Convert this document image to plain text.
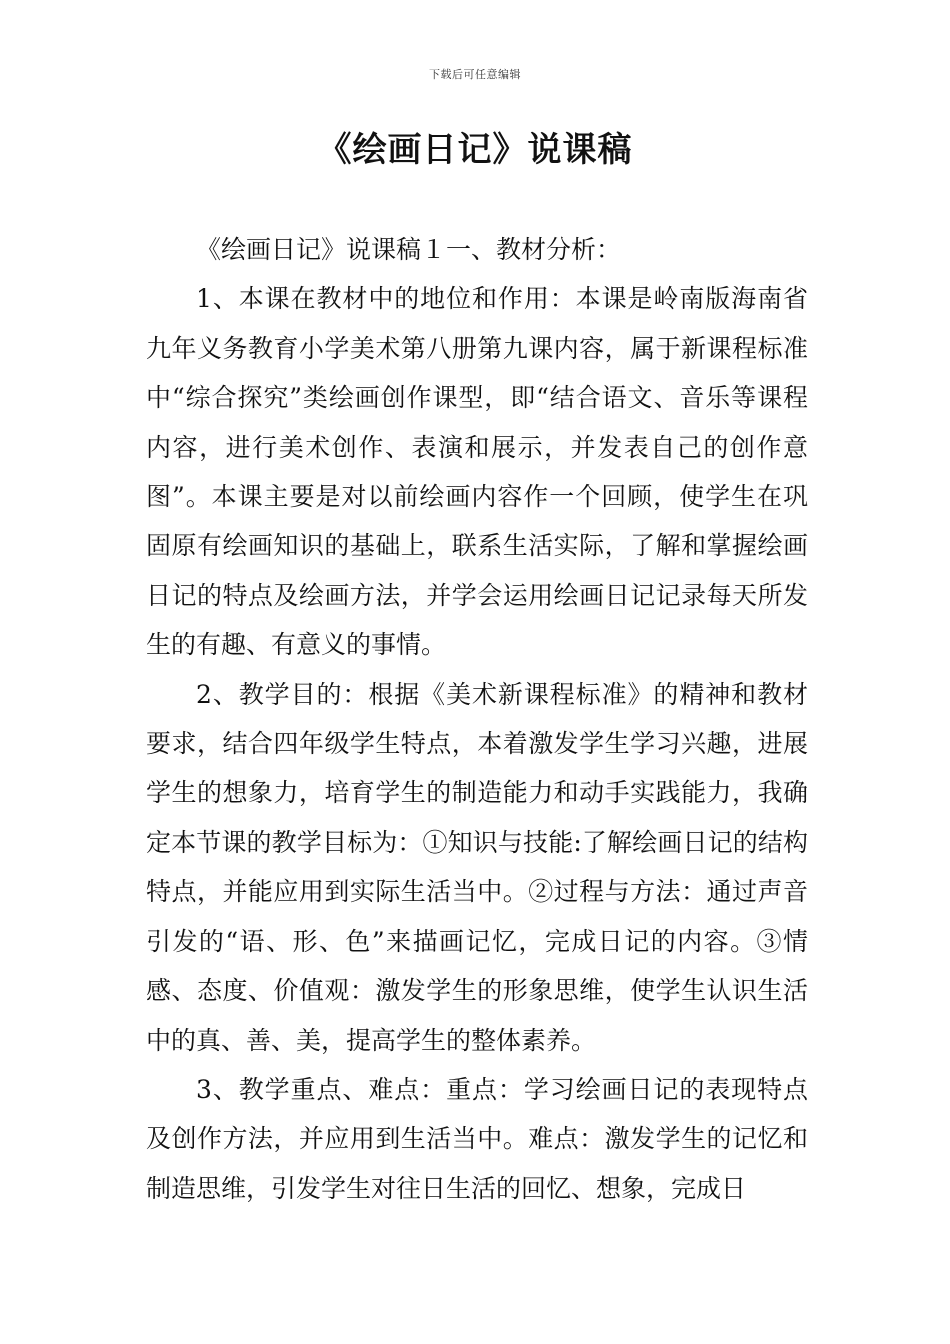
下载后可任意编辑
《绘画日记》说课稿

《绘画日记》说课稿１一、教材分析：

1、本课在教材中的地位和作用：本课是岭南版海南省九年义务教育小学美术第八册第九课内容，属于新课程标准中“综合探究”类绘画创作课型，即“结合语文、音乐等课程内容，进行美术创作、表演和展示，并发表自己的创作意图”。本课主要是对以前绘画内容作一个回顾，使学生在巩固原有绘画知识的基础上，联系生活实际，了解和掌握绘画日记的特点及绘画方法，并学会运用绘画日记记录每天所发生的有趣、有意义的事情。

2、教学目的：根据《美术新课程标准》的精神和教材要求，结合四年级学生特点，本着激发学生学习兴趣，进展学生的想象力，培育学生的制造能力和动手实践能力，我确定本节课的教学目标为：①知识与技能:了解绘画日记的结构特点，并能应用到实际生活当中。②过程与方法：通过声音引发的“语、形、色”来描画记忆，完成日记的内容。③情感、态度、价值观：激发学生的形象思维，使学生认识生活中的真、善、美，提高学生的整体素养。

3、教学重点、难点：重点：学习绘画日记的表现特点及创作方法，并应用到生活当中。难点：激发学生的记忆和制造思维，引发学生对往日生活的回忆、想象，完成日
